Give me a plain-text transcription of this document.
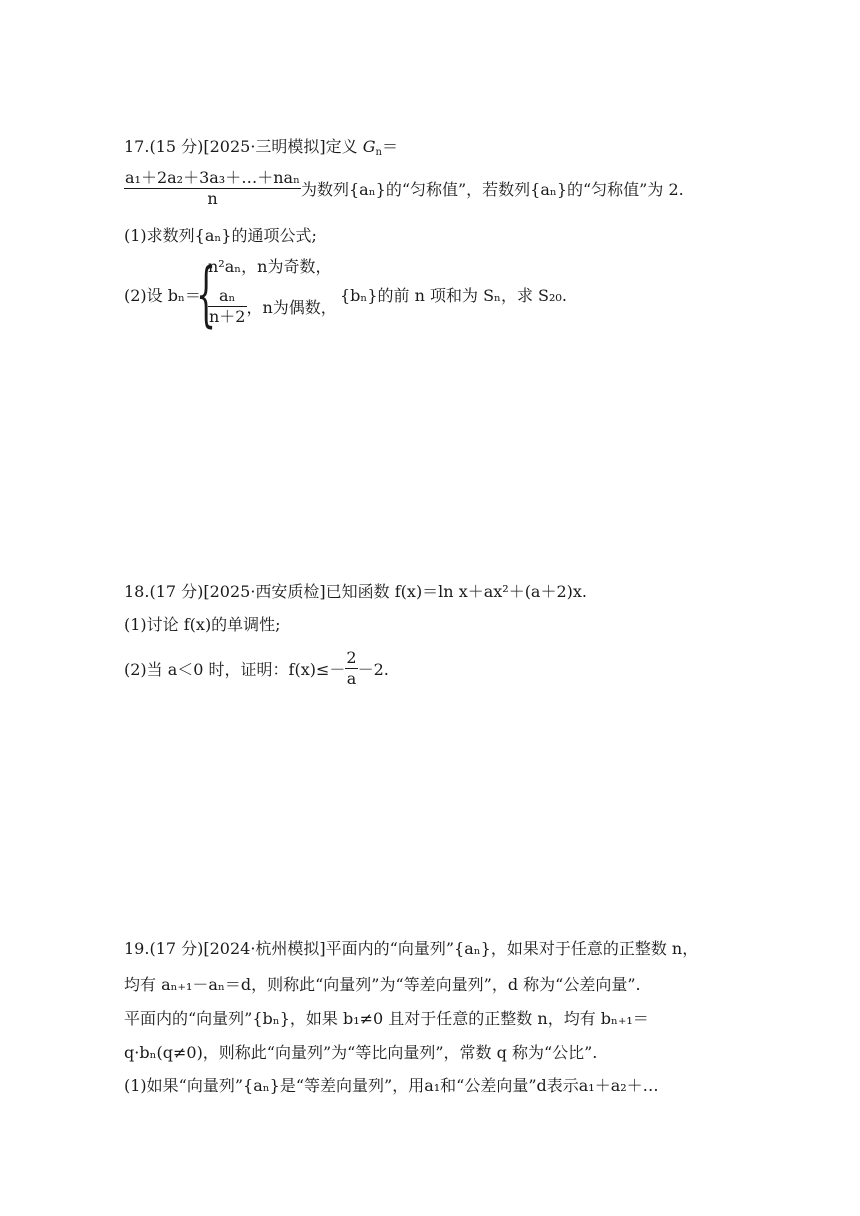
17.(15 分)[2025·三明模拟]定义 $G_n=$
$\frac{\text{a₁＋2a₂＋3a₃＋…＋naₙ}}{n}$ 为数列{aₙ}的“匀称值”，若数列{aₙ}的“匀称值”为 2.
(1)求数列{aₙ}的通项公式;
(2)设 bₙ＝
{
n²aₙ，n为奇数，
$\frac{\text{aₙ}}{n+2}$ ，n为偶数，
{bₙ}的前 n 项和为 Sₙ，求 S₂₀.
18.(17 分)[2025·西安质检]已知函数 f(x)＝ln x＋ax²＋(a＋2)x.
(1)讨论 f(x)的单调性;
(2)当 a＜0 时，证明：$f(x)\le- \frac{2}{a} -2$.
19.(17 分)[2024·杭州模拟]平面内的“向量列”{aₙ}，如果对于任意的正整数 n，
均有 aₙ₊₁－aₙ＝d，则称此“向量列”为“等差向量列”，d 称为“公差向量”.
平面内的“向量列”{bₙ}，如果 b₁≠0 且对于任意的正整数 n，均有 bₙ₊₁＝
q·bₙ(q≠0)，则称此“向量列”为“等比向量列”，常数 q 称为“公比”.
(1)如果“向量列”{aₙ}是“等差向量列”，用a₁和“公差向量”d表示a₁＋a₂＋…
